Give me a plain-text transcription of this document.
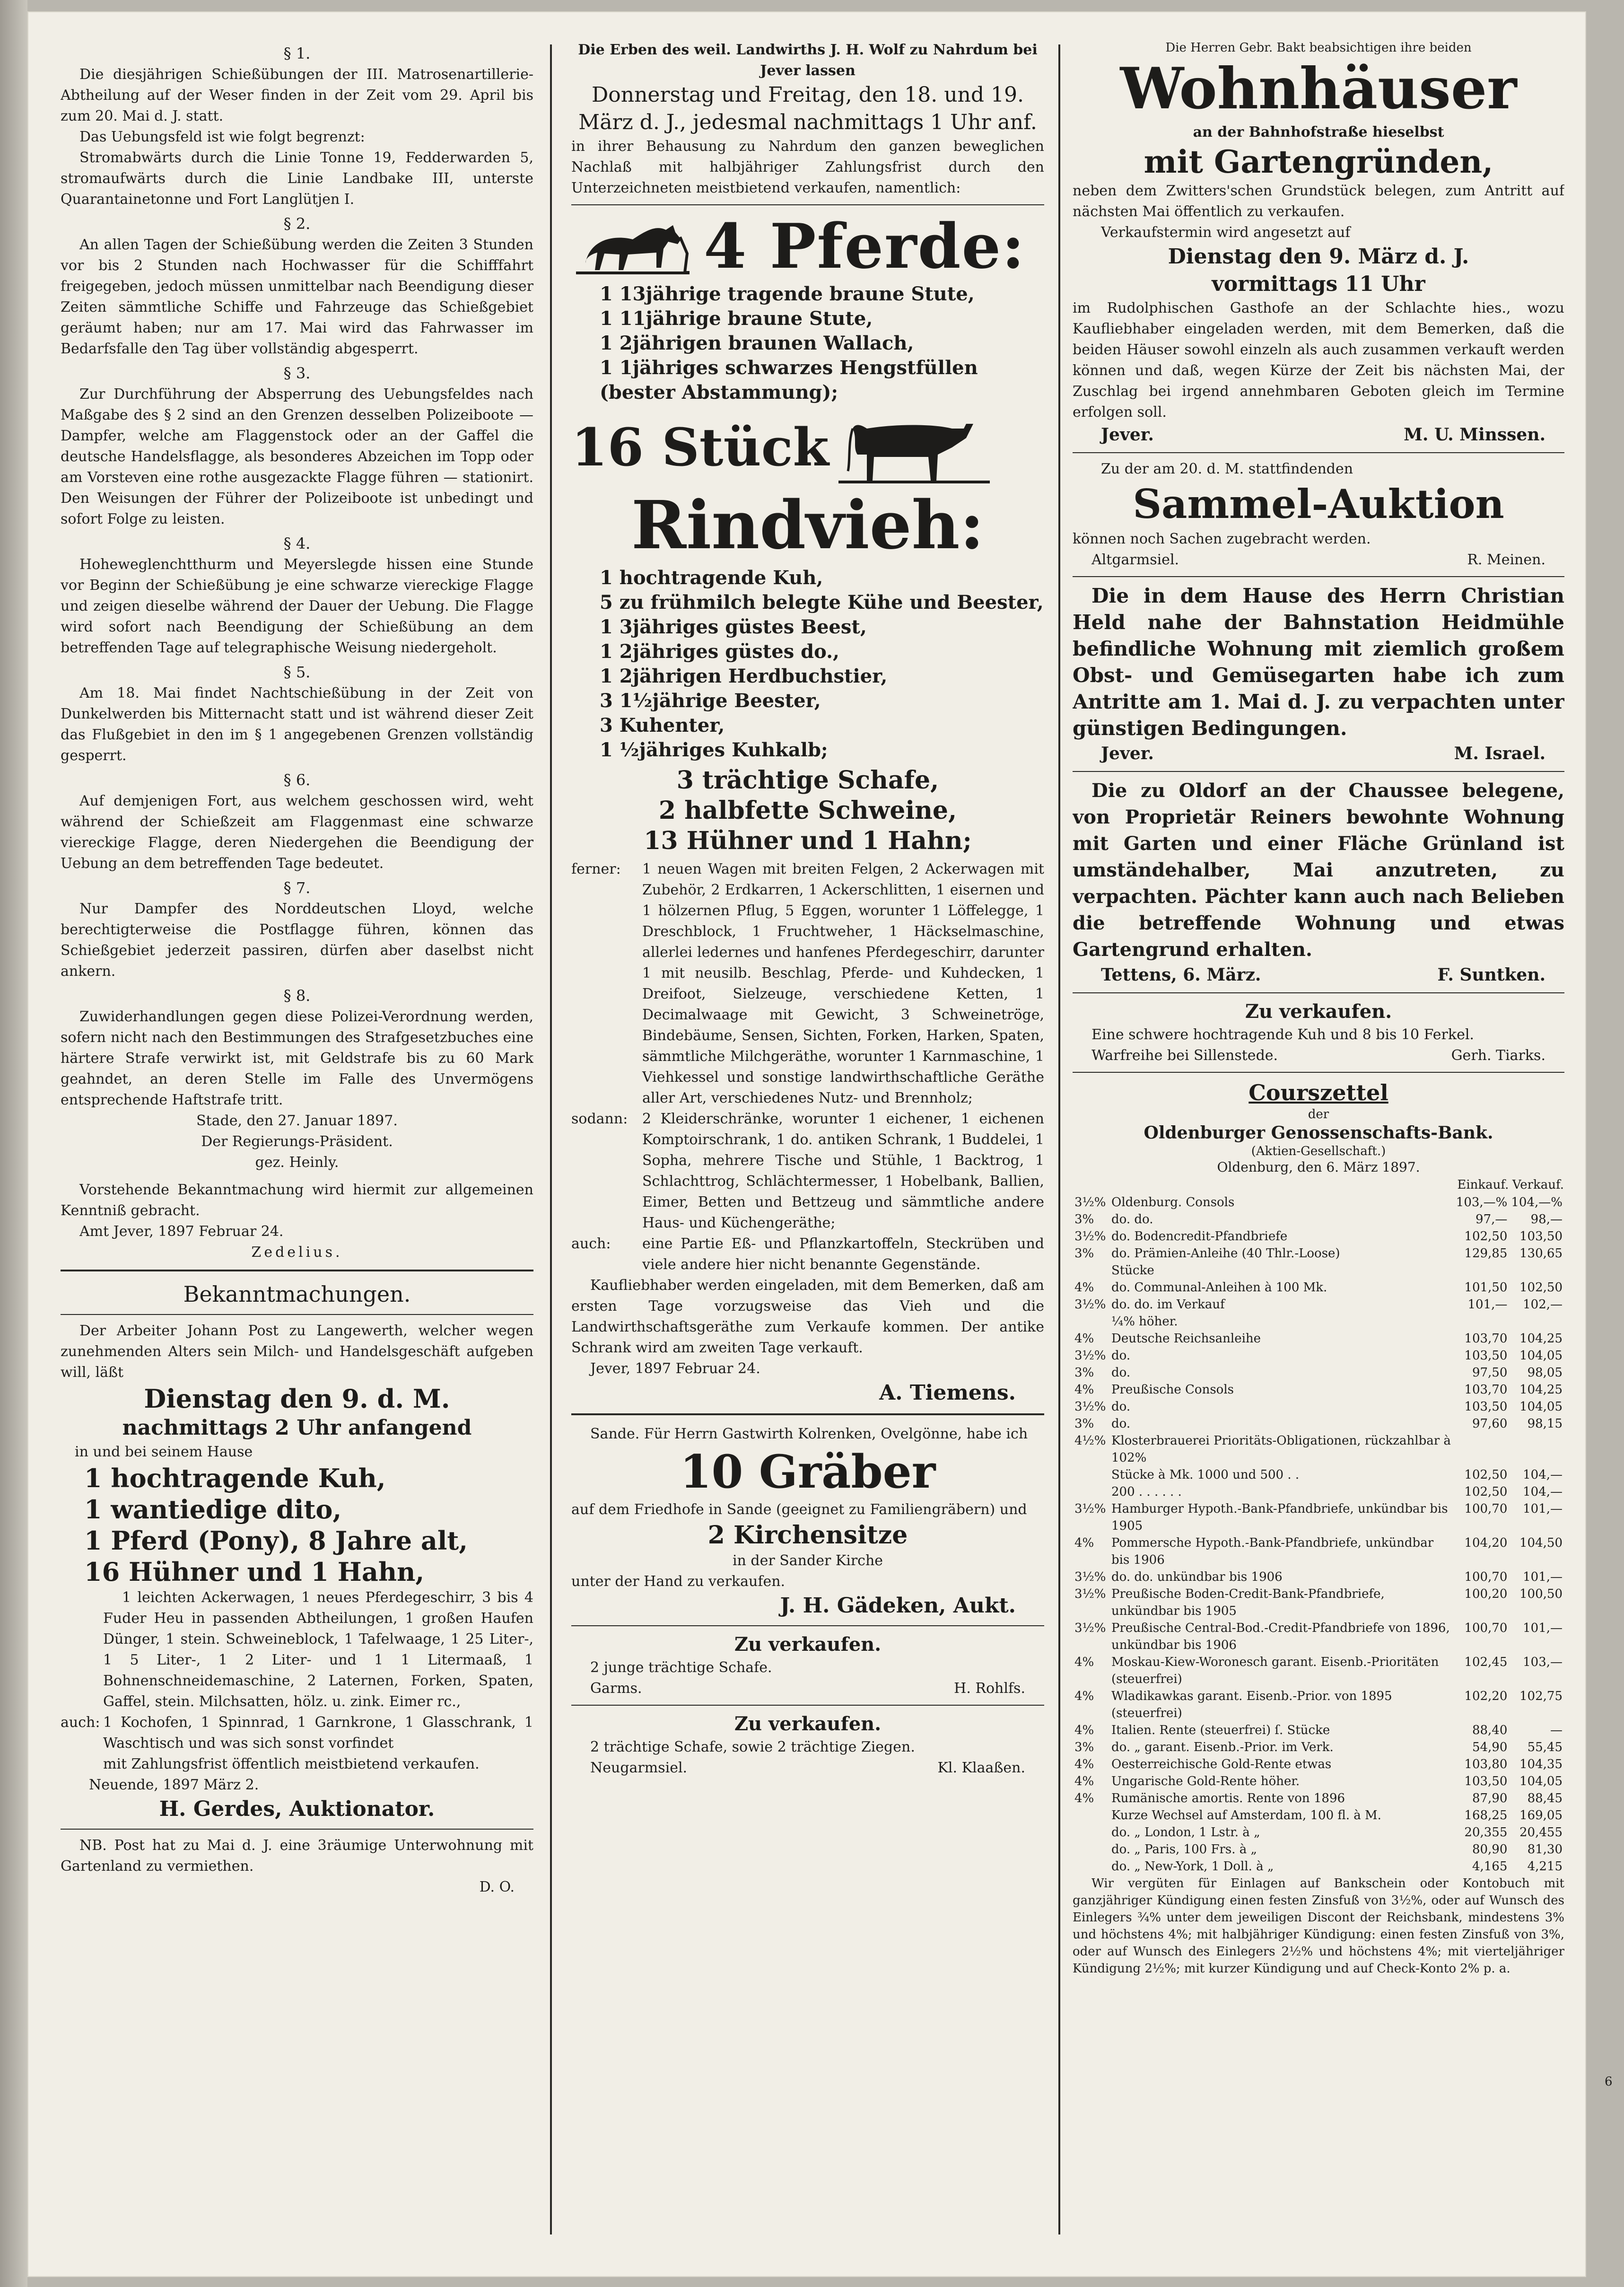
§ 1.

Die diesjährigen Schießübungen der III. Matrosenartillerie-Abtheilung auf der Weser finden in der Zeit vom 29. April bis zum 20. Mai d. J. statt.

Das Uebungsfeld ist wie folgt begrenzt:

Stromabwärts durch die Linie Tonne 19, Fedderwarden 5, stromaufwärts durch die Linie Landbake III, unterste Quarantainetonne und Fort Langlütjen I.

§ 2.

An allen Tagen der Schießübung werden die Zeiten 3 Stunden vor bis 2 Stunden nach Hochwasser für die Schifffahrt freigegeben, jedoch müssen unmittelbar nach Beendigung dieser Zeiten sämmtliche Schiffe und Fahrzeuge das Schießgebiet geräumt haben; nur am 17. Mai wird das Fahrwasser im Bedarfsfalle den Tag über vollständig abgesperrt.

§ 3.

Zur Durchführung der Absperrung des Uebungsfeldes nach Maßgabe des § 2 sind an den Grenzen desselben Polizeiboote — Dampfer, welche am Flaggenstock oder an der Gaffel die deutsche Handelsflagge, als besonderes Abzeichen im Topp oder am Vorsteven eine rothe ausgezackte Flagge führen — stationirt. Den Weisungen der Führer der Polizeiboote ist unbedingt und sofort Folge zu leisten.

§ 4.

Hoheweglenchtthurm und Meyerslegde hissen eine Stunde vor Beginn der Schießübung je eine schwarze viereckige Flagge und zeigen dieselbe während der Dauer der Uebung. Die Flagge wird sofort nach Beendigung der Schießübung an dem betreffenden Tage auf telegraphische Weisung niedergeholt.

§ 5.

Am 18. Mai findet Nachtschießübung in der Zeit von Dunkelwerden bis Mitternacht statt und ist während dieser Zeit das Flußgebiet in den im § 1 angegebenen Grenzen vollständig gesperrt.

§ 6.

Auf demjenigen Fort, aus welchem geschossen wird, weht während der Schießzeit am Flaggenmast eine schwarze viereckige Flagge, deren Niedergehen die Beendigung der Uebung an dem betreffenden Tage bedeutet.

§ 7.

Nur Dampfer des Norddeutschen Lloyd, welche berechtigterweise die Postflagge führen, können das Schießgebiet jederzeit passiren, dürfen aber daselbst nicht ankern.

§ 8.

Zuwiderhandlungen gegen diese Polizei-Verordnung werden, sofern nicht nach den Bestimmungen des Strafgesetzbuches eine härtere Strafe verwirkt ist, mit Geldstrafe bis zu 60 Mark geahndet, an deren Stelle im Falle des Unvermögens entsprechende Haftstrafe tritt.

Stade, den 27. Januar 1897.

Der Regierungs-Präsident.

gez. Heinly.

Vorstehende Bekanntmachung wird hiermit zur allgemeinen Kenntniß gebracht.

Amt Jever, 1897 Februar 24.

Zedelius.

Bekanntmachungen.

Der Arbeiter Johann Post zu Langewerth, welcher wegen zunehmenden Alters sein Milch- und Handelsgeschäft aufgeben will, läßt

Dienstag den 9. d. M.

nachmittags 2 Uhr anfangend

in und bei seinem Hause

1 hochtragende Kuh,

1 wantiedige dito,

1 Pferd (Pony), 8 Jahre alt,

16 Hühner und 1 Hahn,

1 leichten Ackerwagen, 1 neues Pferdegeschirr, 3 bis 4 Fuder Heu in passenden Abtheilungen, 1 großen Haufen Dünger, 1 stein. Schweineblock, 1 Tafelwaage, 1 25 Liter-, 1 5 Liter-, 1 2 Liter- und 1 1 Litermaaß, 1 Bohnenschneidemaschine, 2 Laternen, Forken, Spaten, Gaffel, stein. Milchsatten, hölz. u. zink. Eimer rc.,

auch: 1 Kochofen, 1 Spinnrad, 1 Garnkrone, 1 Glasschrank, 1 Waschtisch und was sich sonst vorfindet

mit Zahlungsfrist öffentlich meistbietend verkaufen.

Neuende, 1897 März 2.

H. Gerdes, Auktionator.

NB. Post hat zu Mai d. J. eine 3räumige Unterwohnung mit Gartenland zu vermiethen.

D. O.

Die Erben des weil. Landwirths J. H. Wolf zu Nahrdum bei Jever lassen

Donnerstag und Freitag, den 18. und 19. März d. J., jedesmal nachmittags 1 Uhr anf.

in ihrer Behausung zu Nahrdum den ganzen beweglichen Nachlaß mit halbjähriger Zahlungsfrist durch den Unterzeichneten meistbietend verkaufen, namentlich:

4 Pferde:

1 13jährige tragende braune Stute,

1 11jährige braune Stute,

1 2jährigen braunen Wallach,

1 1jähriges schwarzes Hengstfüllen (bester Abstammung);

16 Stück
Rindvieh:

1 hochtragende Kuh,

5 zu frühmilch belegte Kühe und Beester,

1 3jähriges güstes Beest,

1 2jähriges güstes do.,

1 2jährigen Herdbuchstier,

3 1½jährige Beester,

3 Kuhenter,

1 ½jähriges Kuhkalb;

3 trächtige Schafe,

2 halbfette Schweine,

13 Hühner und 1 Hahn;

ferner:	1 neuen Wagen mit breiten Felgen, 2 Ackerwagen mit Zubehör, 2 Erdkarren, 1 Ackerschlitten, 1 eisernen und 1 hölzernen Pflug, 5 Eggen, worunter 1 Löffelegge, 1 Dreschblock, 1 Fruchtweher, 1 Häckselmaschine, allerlei ledernes und hanfenes Pferdegeschirr, darunter 1 mit neusilb. Beschlag, Pferde- und Kuhdecken, 1 Dreifoot, Sielzeuge, verschiedene Ketten, 1 Decimalwaage mit Gewicht, 3 Schweinetröge, Bindebäume, Sensen, Sichten, Forken, Harken, Spaten, sämmtliche Milchgeräthe, worunter 1 Karnmaschine, 1 Viehkessel und sonstige landwirthschaftliche Geräthe aller Art, verschiedenes Nutz- und Brennholz;
sodann:	2 Kleiderschränke, worunter 1 eichener, 1 eichenen Komptoirschrank, 1 do. antiken Schrank, 1 Buddelei, 1 Sopha, mehrere Tische und Stühle, 1 Backtrog, 1 Schlachttrog, Schlächtermesser, 1 Hobelbank, Ballien, Eimer, Betten und Bettzeug und sämmtliche andere Haus- und Küchengeräthe;
auch:	eine Partie Eß- und Pflanzkartoffeln, Steckrüben und viele andere hier nicht benannte Gegenstände.

Kaufliebhaber werden eingeladen, mit dem Bemerken, daß am ersten Tage vorzugsweise das Vieh und die Landwirthschaftsgeräthe zum Verkaufe kommen. Der antike Schrank wird am zweiten Tage verkauft.

Jever, 1897 Februar 24.

A. Tiemens.

Sande. Für Herrn Gastwirth Kolrenken, Ovelgönne, habe ich

10 Gräber

auf dem Friedhofe in Sande (geeignet zu Familiengräbern) und

2 Kirchensitze

in der Sander Kirche

unter der Hand zu verkaufen.

J. H. Gädeken, Aukt.

Zu verkaufen.

2 junge trächtige Schafe.

Garms.	H. Rohlfs.

Zu verkaufen.

2 trächtige Schafe, sowie 2 trächtige Ziegen.

Neugarmsiel.	Kl. Klaaßen.

Die Herren Gebr. Bakt beabsichtigen ihre beiden

Wohnhäuser

an der Bahnhofstraße hieselbst

mit Gartengründen,

neben dem Zwitters'schen Grundstück belegen, zum Antritt auf nächsten Mai öffentlich zu verkaufen.

Verkaufstermin wird angesetzt auf

Dienstag den 9. März d. J.

vormittags 11 Uhr

im Rudolphischen Gasthofe an der Schlachte hies., wozu Kaufliebhaber eingeladen werden, mit dem Bemerken, daß die beiden Häuser sowohl einzeln als auch zusammen verkauft werden können und daß, wegen Kürze der Zeit bis nächsten Mai, der Zuschlag bei irgend annehmbaren Geboten gleich im Termine erfolgen soll.

Jever.	M. U. Minssen.

Zu der am 20. d. M. stattfindenden

Sammel-Auktion

können noch Sachen zugebracht werden.

Altgarmsiel.	R. Meinen.

Die in dem Hause des Herrn Christian Held nahe der Bahnstation Heidmühle befindliche Wohnung mit ziemlich großem Obst- und Gemüsegarten habe ich zum Antritte am 1. Mai d. J. zu verpachten unter günstigen Bedingungen.

Jever.	M. Israel.

Die zu Oldorf an der Chaussee belegene, von Proprietär Reiners bewohnte Wohnung mit Garten und einer Fläche Grünland ist umständehalber, Mai anzutreten, zu verpachten. Pächter kann auch nach Belieben die betreffende Wohnung und etwas Gartengrund erhalten.

Tettens, 6. März.	F. Suntken.

Zu verkaufen.

Eine schwere hochtragende Kuh und 8 bis 10 Ferkel.

Warfreihe bei Sillenstede.	Gerh. Tiarks.

Courszettel

der

Oldenburger Genossenschafts-Bank.

(Aktien-Gesellschaft.)

Oldenburg, den 6. März 1897.

		Einkauf.	Verkauf.
3½%	Oldenburg. Consols	103,—%	104,—%
3%	do. do.	97,—	98,—
3½%	do. Bodencredit-Pfandbriefe	102,50	103,50
3%	do. Prämien-Anleihe (40 Thlr.-Loose)	129,85	130,65
	Stücke		
4%	do. Communal-Anleihen à 100 Mk.	101,50	102,50
3½%	do. do. im Verkauf	101,—	102,—
	¼% höher.		
4%	Deutsche Reichsanleihe	103,70	104,25
3½%	do.	103,50	104,05
3%	do.	97,50	98,05
4%	Preußische Consols	103,70	104,25
3½%	do.	103,50	104,05
3%	do.	97,60	98,15
4½%	Klosterbrauerei Prioritäts-Obligationen, rückzahlbar à 102%		
	Stücke à Mk. 1000 und 500 . .	102,50	104,—
	200 . . . . . .	102,50	104,—
3½%	Hamburger Hypoth.-Bank-Pfandbriefe, unkündbar bis 1905	100,70	101,—
4%	Pommersche Hypoth.-Bank-Pfandbriefe, unkündbar bis 1906	104,20	104,50
3½%	do. do. unkündbar bis 1906	100,70	101,—
3½%	Preußische Boden-Credit-Bank-Pfandbriefe, unkündbar bis 1905	100,20	100,50
3½%	Preußische Central-Bod.-Credit-Pfandbriefe von 1896, unkündbar bis 1906	100,70	101,—
4%	Moskau-Kiew-Woronesch garant. Eisenb.-Prioritäten (steuerfrei)	102,45	103,—
4%	Wladikawkas garant. Eisenb.-Prior. von 1895 (steuerfrei)	102,20	102,75
4%	Italien. Rente (steuerfrei) ſ. Stücke	88,40	—
3%	do. „ garant. Eisenb.-Prior. im Verk.	54,90	55,45
4%	Oesterreichische Gold-Rente etwas	103,80	104,35
4%	Ungarische Gold-Rente höher.	103,50	104,05
4%	Rumänische amortis. Rente von 1896	87,90	88,45
	Kurze Wechsel auf Amsterdam, 100 fl. à M.	168,25	169,05
	do. „ London, 1 Lstr. à „	20,355	20,455
	do. „ Paris, 100 Frs. à „	80,90	81,30
	do. „ New-York, 1 Doll. à „	4,165	4,215

Wir vergüten für Einlagen auf Bankschein oder Kontobuch mit ganzjähriger Kündigung einen festen Zinsfuß von 3½%, oder auf Wunsch des Einlegers ¾% unter dem jeweiligen Discont der Reichsbank, mindestens 3% und höchstens 4%; mit halbjähriger Kündigung: einen festen Zinsfuß von 3%, oder auf Wunsch des Einlegers 2½% und höchstens 4%; mit vierteljähriger Kündigung 2½%; mit kurzer Kündigung und auf Check-Konto 2% p. a.

6
